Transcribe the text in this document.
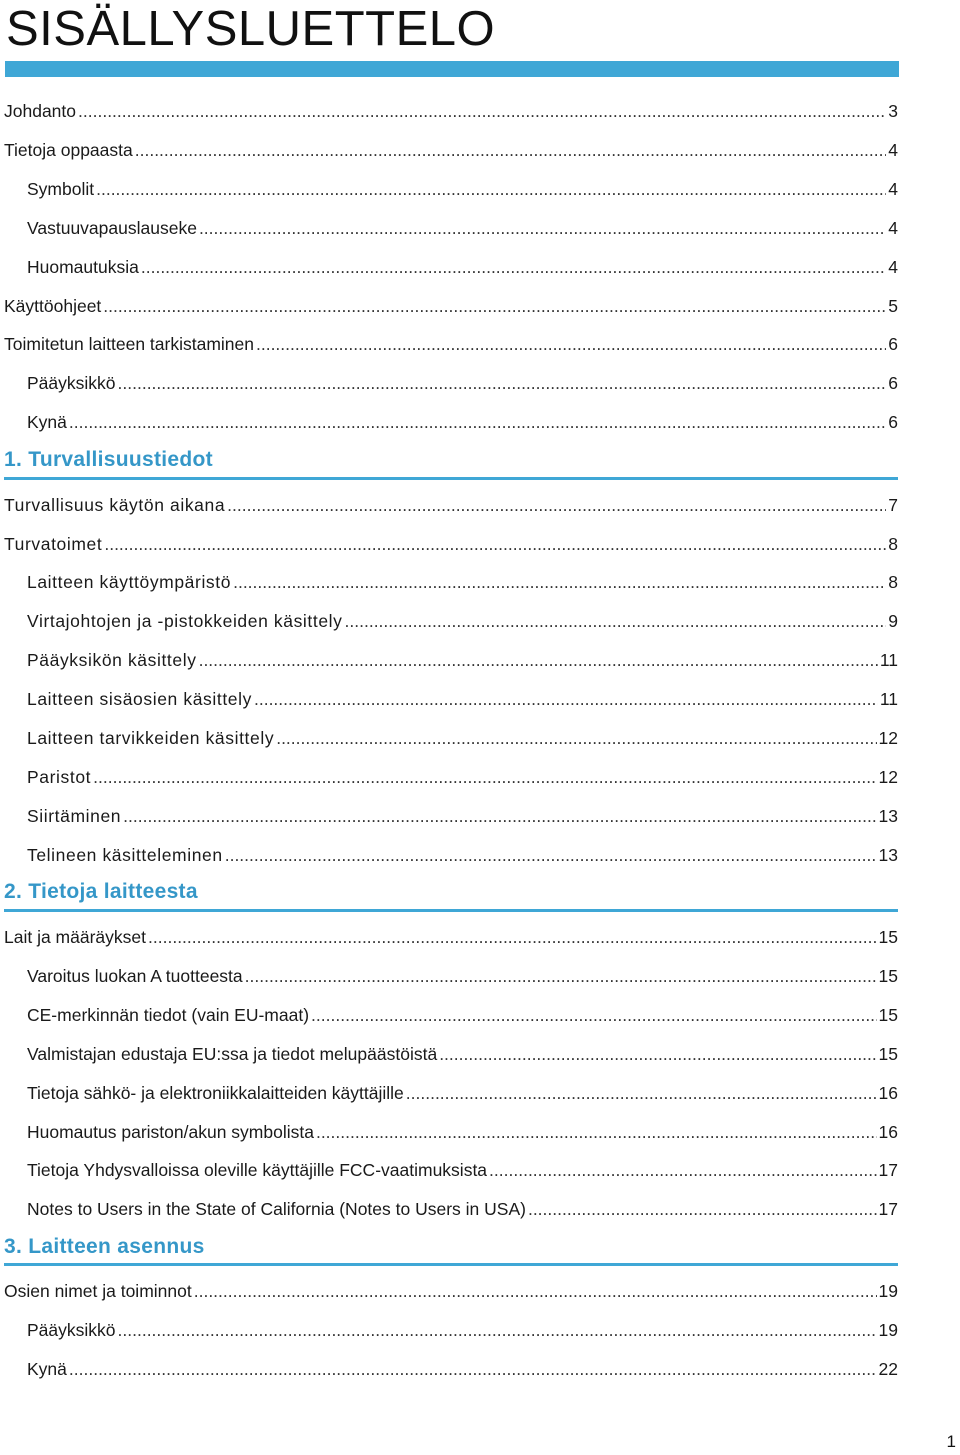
SISÄLLYSLUETTELO
Johdanto .....	3
Tietoja oppaasta .....	4
Symbolit .....	4
Vastuuvapauslauseke .....	4
Huomautuksia .....	4
Käyttöohjeet .....	5
Toimitetun laitteen tarkistaminen .....	6
Pääyksikkö .....	6
Kynä .....	6
1. Turvallisuustiedot
Turvallisuus käytön aikana .....	7
Turvatoimet .....	8
Laitteen käyttöympäristö .....	8
Virtajohtojen ja -pistokkeiden käsittely .....	9
Pääyksikön käsittely .....	11
Laitteen sisäosien käsittely .....	11
Laitteen tarvikkeiden käsittely .....	12
Paristot .....	12
Siirtäminen .....	13
Telineen käsitteleminen .....	13
2. Tietoja laitteesta
Lait ja määräykset .....	15
Varoitus luokan A tuotteesta .....	15
CE-merkinnän tiedot (vain EU-maat) .....	15
Valmistajan edustaja EU:ssa ja tiedot melupäästöistä .....	15
Tietoja sähkö- ja elektroniikkalaitteiden käyttäjille .....	16
Huomautus pariston/akun symbolista .....	16
Tietoja Yhdysvalloissa oleville käyttäjille FCC-vaatimuksista .....	17
Notes to Users in the State of California (Notes to Users in USA) .....	17
3. Laitteen asennus
Osien nimet ja toiminnot .....	19
Pääyksikkö .....	19
Kynä .....	22
1
